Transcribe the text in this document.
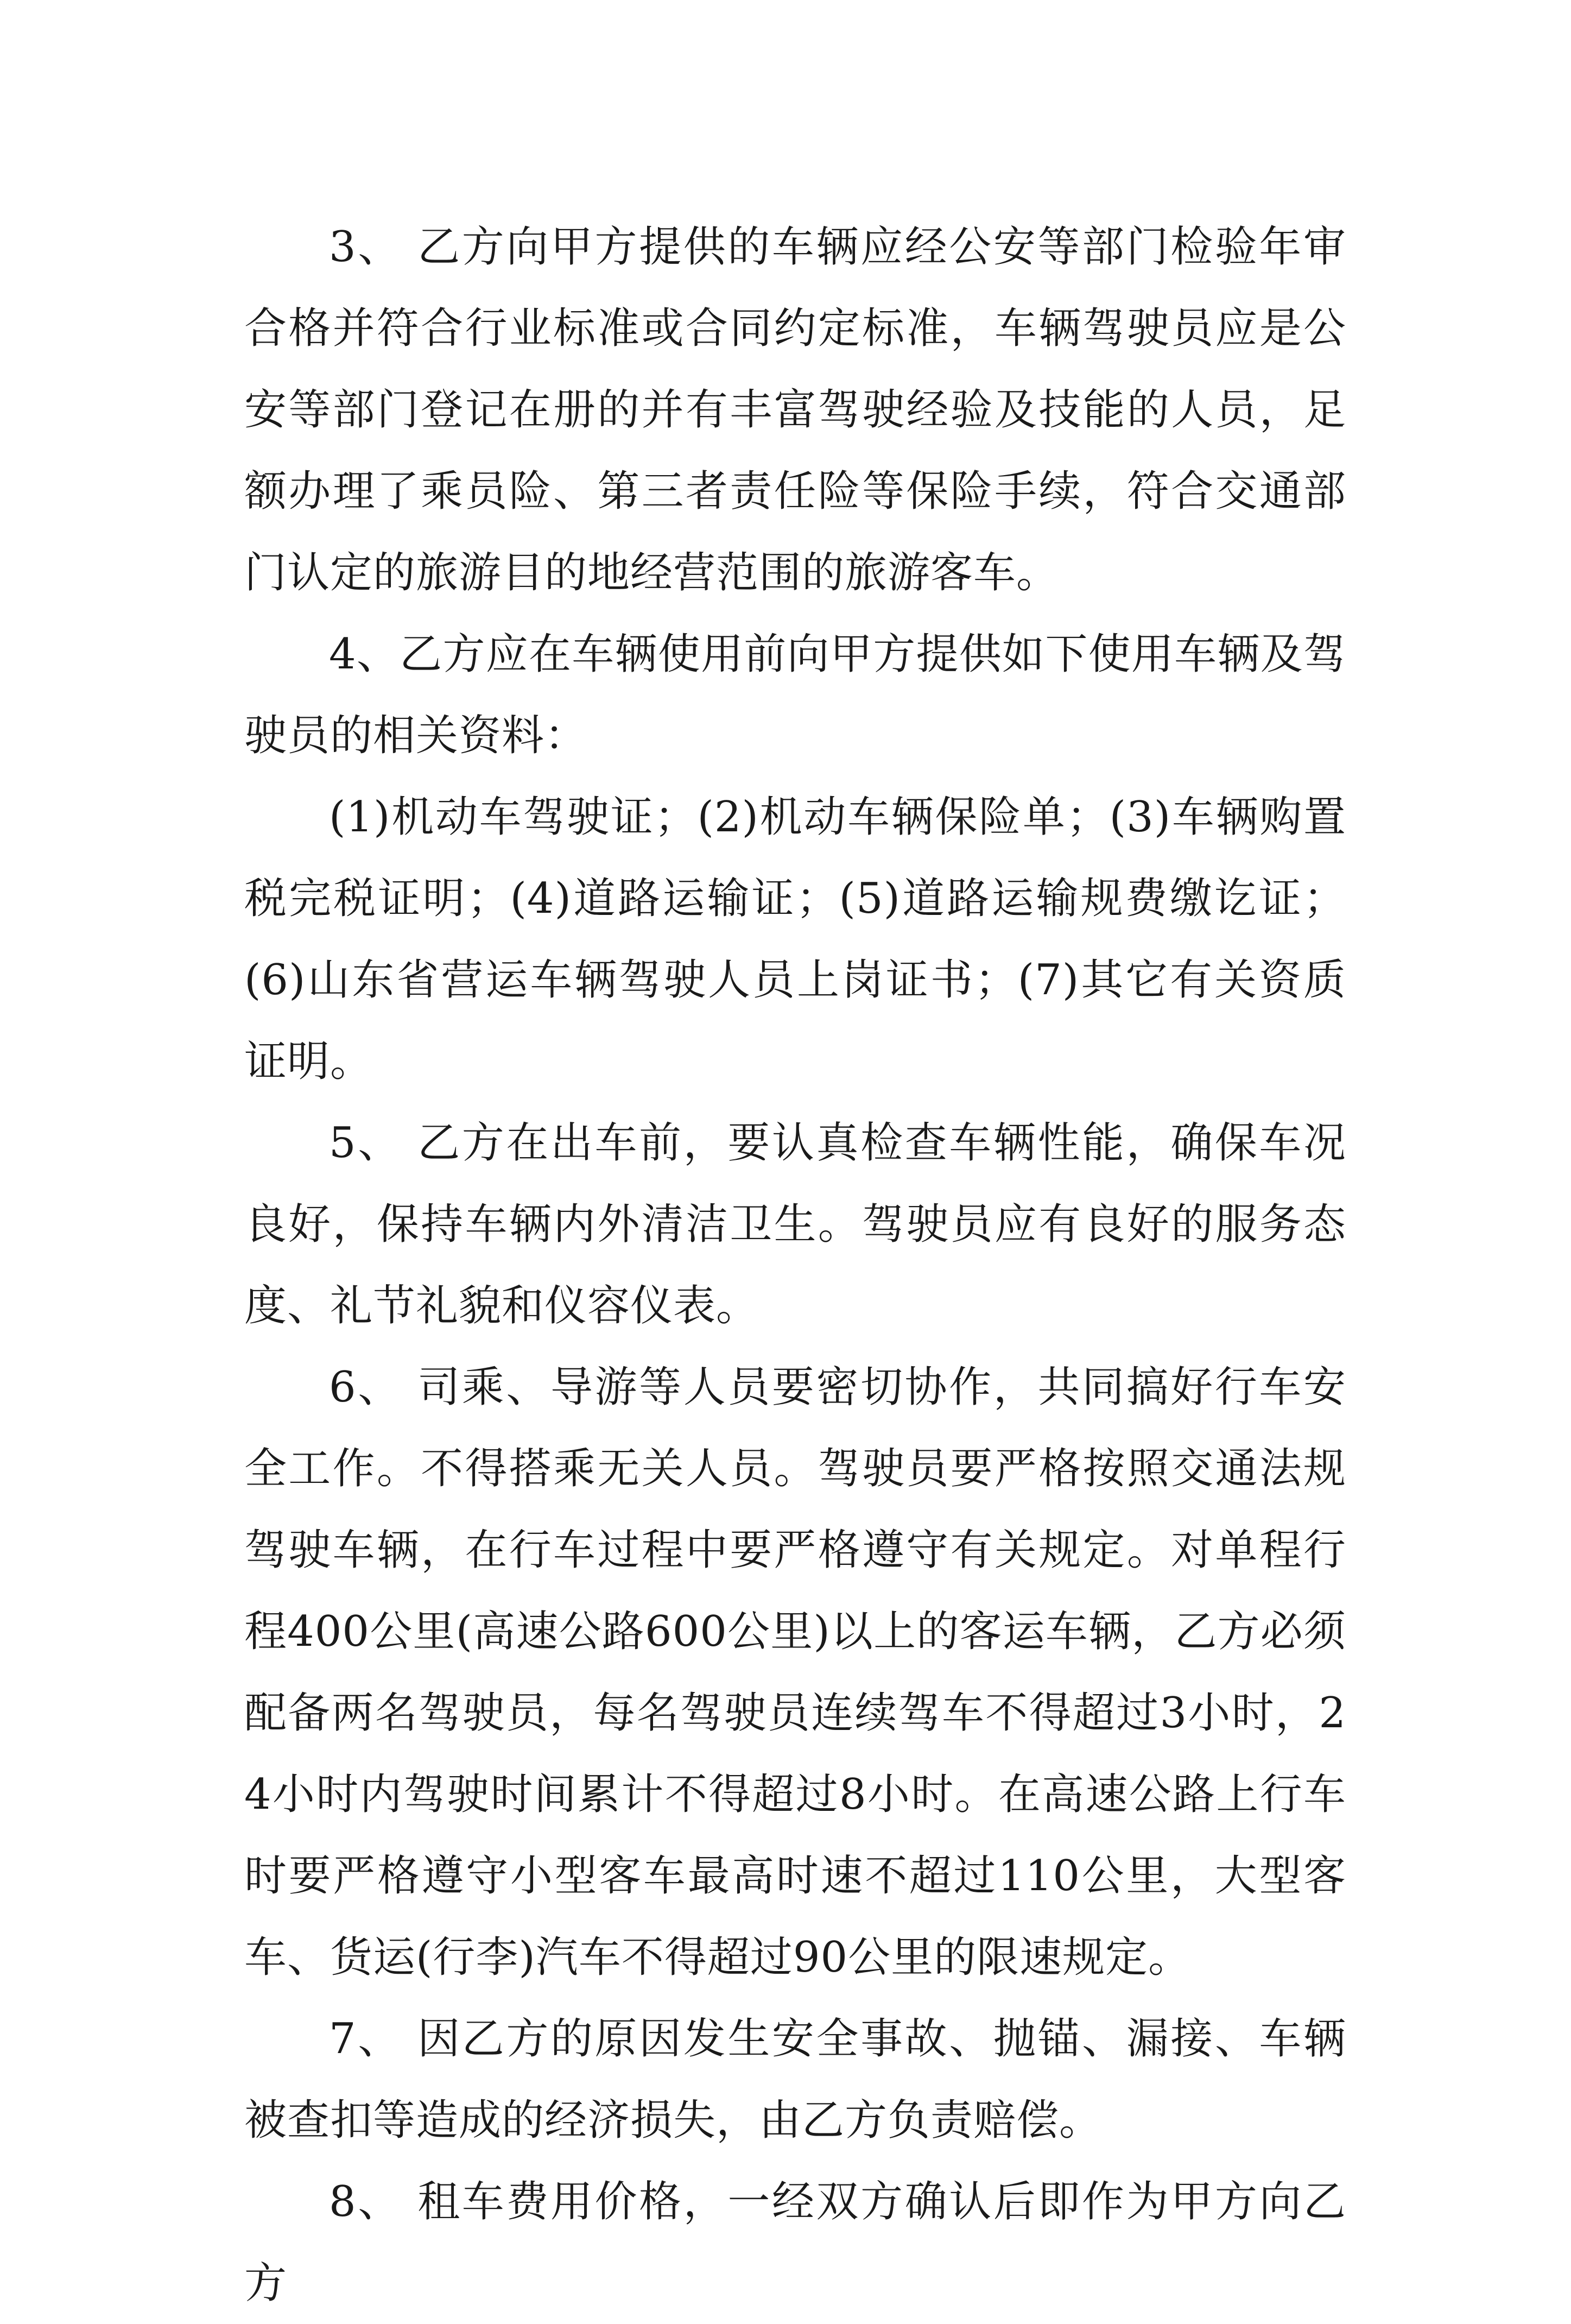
3、 乙方向甲方提供的车辆应经公安等部门检验年审合格并符合行业标准或合同约定标准，车辆驾驶员应是公安等部门登记在册的并有丰富驾驶经验及技能的人员，足额办理了乘员险、第三者责任险等保险手续，符合交通部门认定的旅游目的地经营范围的旅游客车。

4、乙方应在车辆使用前向甲方提供如下使用车辆及驾驶员的相关资料：

(1)机动车驾驶证；(2)机动车辆保险单；(3)车辆购置税完税证明；(4)道路运输证；(5)道路运输规费缴讫证；(6)山东省营运车辆驾驶人员上岗证书；(7)其它有关资质证明。

5、 乙方在出车前，要认真检查车辆性能，确保车况良好，保持车辆内外清洁卫生。驾驶员应有良好的服务态度、礼节礼貌和仪容仪表。

6、 司乘、导游等人员要密切协作，共同搞好行车安全工作。不得搭乘无关人员。驾驶员要严格按照交通法规驾驶车辆，在行车过程中要严格遵守有关规定。对单程行程400公里(高速公路600公里)以上的客运车辆，乙方必须配备两名驾驶员，每名驾驶员连续驾车不得超过3小时，24小时内驾驶时间累计不得超过8小时。在高速公路上行车时要严格遵守小型客车最高时速不超过110公里，大型客车、货运(行李)汽车不得超过90公里的限速规定。

7、 因乙方的原因发生安全事故、抛锚、漏接、车辆被查扣等造成的经济损失，由乙方负责赔偿。

8、 租车费用价格，一经双方确认后即作为甲方向乙方
